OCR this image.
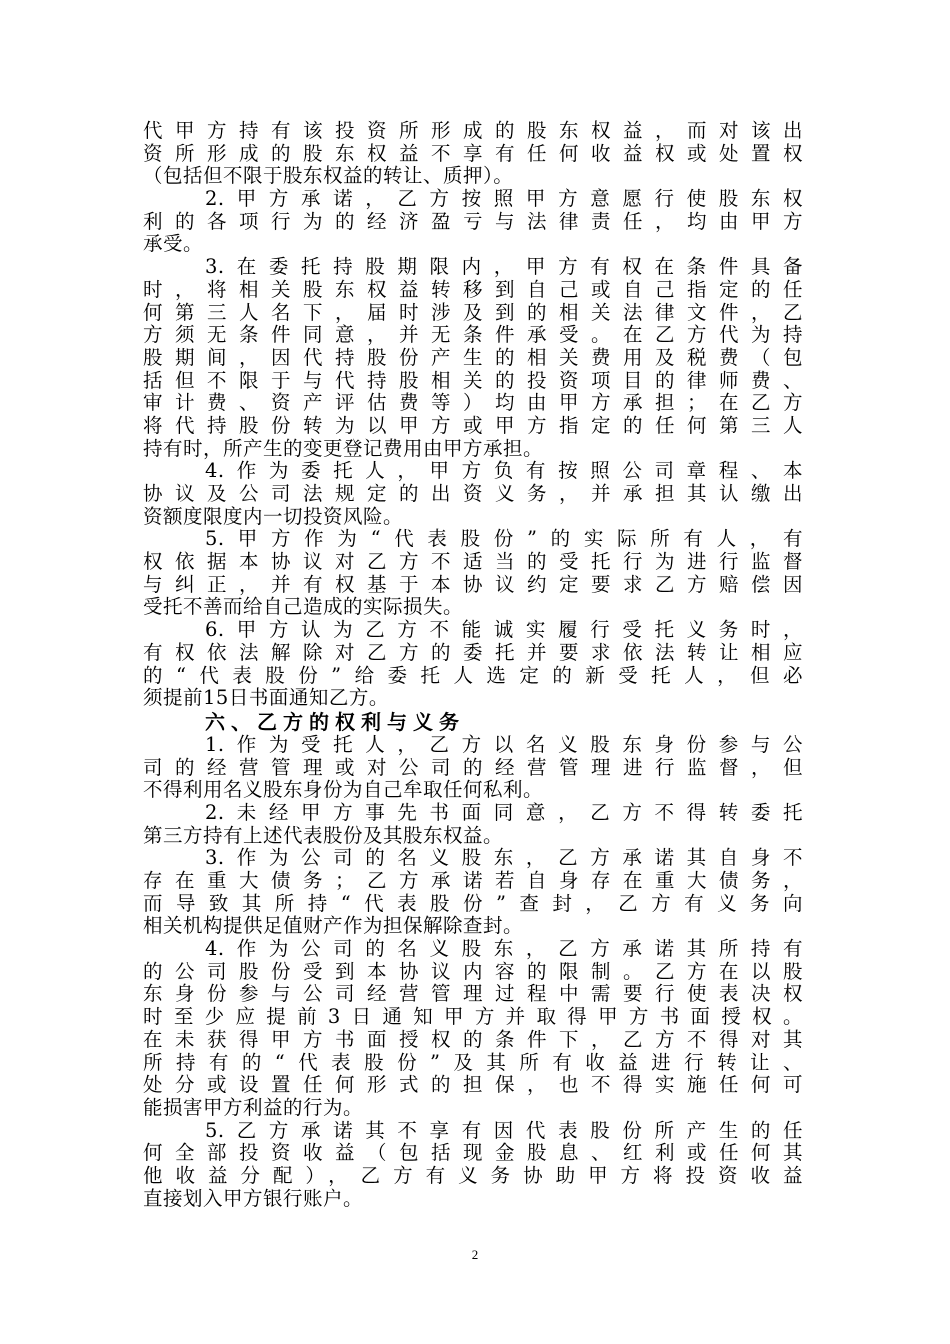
代甲方持有该投资所形成的股东权益，而对该出
资所形成的股东权益不享有任何收益权或处置权
（包括但不限于股东权益的转让、质押）。
2.甲方承诺，乙方按照甲方意愿行使股东权
利的各项行为的经济盈亏与法律责任，均由甲方
承受。
3.在委托持股期限内，甲方有权在条件具备
时，将相关股东权益转移到自己或自己指定的任
何第三人名下，届时涉及到的相关法律文件，乙
方须无条件同意，并无条件承受。在乙方代为持
股期间，因代持股份产生的相关费用及税费（包
括但不限于与代持股相关的投资项目的律师费、
审计费、资产评估费等）均由甲方承担；在乙方
将代持股份转为以甲方或甲方指定的任何第三人
持有时，所产生的变更登记费用由甲方承担。
4.作为委托人，甲方负有按照公司章程、本
协议及公司法规定的出资义务，并承担其认缴出
资额度限度内一切投资风险。
5.甲方作为“代表股份”的实际所有人，有
权依据本协议对乙方不适当的受托行为进行监督
与纠正，并有权基于本协议约定要求乙方赔偿因
受托不善而给自己造成的实际损失。
6.甲方认为乙方不能诚实履行受托义务时，
有权依法解除对乙方的委托并要求依法转让相应
的“代表股份”给委托人选定的新受托人，但必
须提前15日书面通知乙方。
六、乙方的权利与义务
1.作为受托人，乙方以名义股东身份参与公
司的经营管理或对公司的经营管理进行监督，但
不得利用名义股东身份为自己牟取任何私利。
2.未经甲方事先书面同意，乙方不得转委托
第三方持有上述代表股份及其股东权益。
3.作为公司的名义股东，乙方承诺其自身不
存在重大债务；乙方承诺若自身存在重大债务，
而导致其所持“代表股份”查封，乙方有义务向
相关机构提供足值财产作为担保解除查封。
4.作为公司的名义股东，乙方承诺其所持有
的公司股份受到本协议内容的限制。乙方在以股
东身份参与公司经营管理过程中需要行使表决权
时至少应提前3日通知甲方并取得甲方书面授权。
在未获得甲方书面授权的条件下，乙方不得对其
所持有的“代表股份”及其所有收益进行转让、
处分或设置任何形式的担保，也不得实施任何可
能损害甲方利益的行为。
5.乙方承诺其不享有因代表股份所产生的任
何全部投资收益（包括现金股息、红利或任何其
他收益分配），乙方有义务协助甲方将投资收益
直接划入甲方银行账户。
2
